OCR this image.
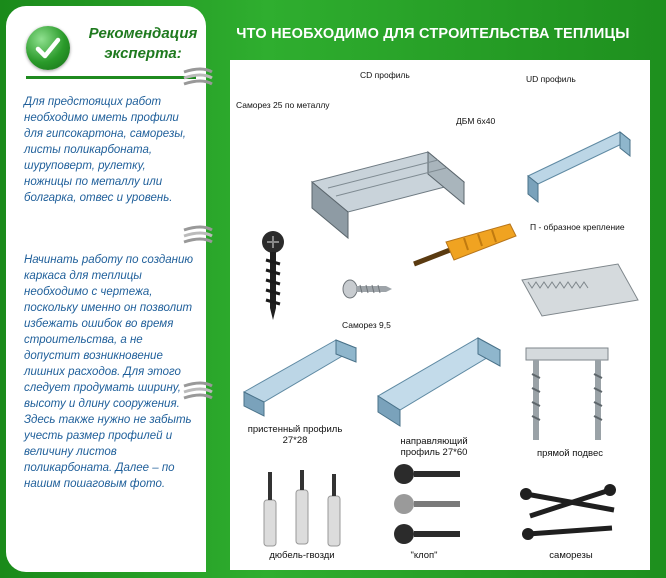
Рекомендация
эксперта:
Для предстоящих работ необходимо иметь профили для гипсокартона, саморезы, листы поликарбоната, шуруповерт, рулетку, ножницы по металлу или болгарка, отвес и уровень.
Начинать работу по созданию каркаса для теплицы необходимо с чертежа, поскольку именно он позволит избежать ошибок во время строительства, а не допустит возникновение лишних расходов. Для этого следует продумать ширину, высоту и длину сооружения. Здесь также нужно не забыть учесть размер профилей и величину листов поликарбоната. Далее – по нашим пошаговым фото.
ЧТО НЕОБХОДИМО ДЛЯ СТРОИТЕЛЬСТВА ТЕПЛИЦЫ
CD профиль	UD профиль
Саморез 25 по металлу
ДБМ 6х40
П - образное крепление
Саморез 9,5
пристенный профиль
27*28	направляющий
профиль 27*60	прямой подвес
дюбель-гвозди	"клоп"	саморезы
